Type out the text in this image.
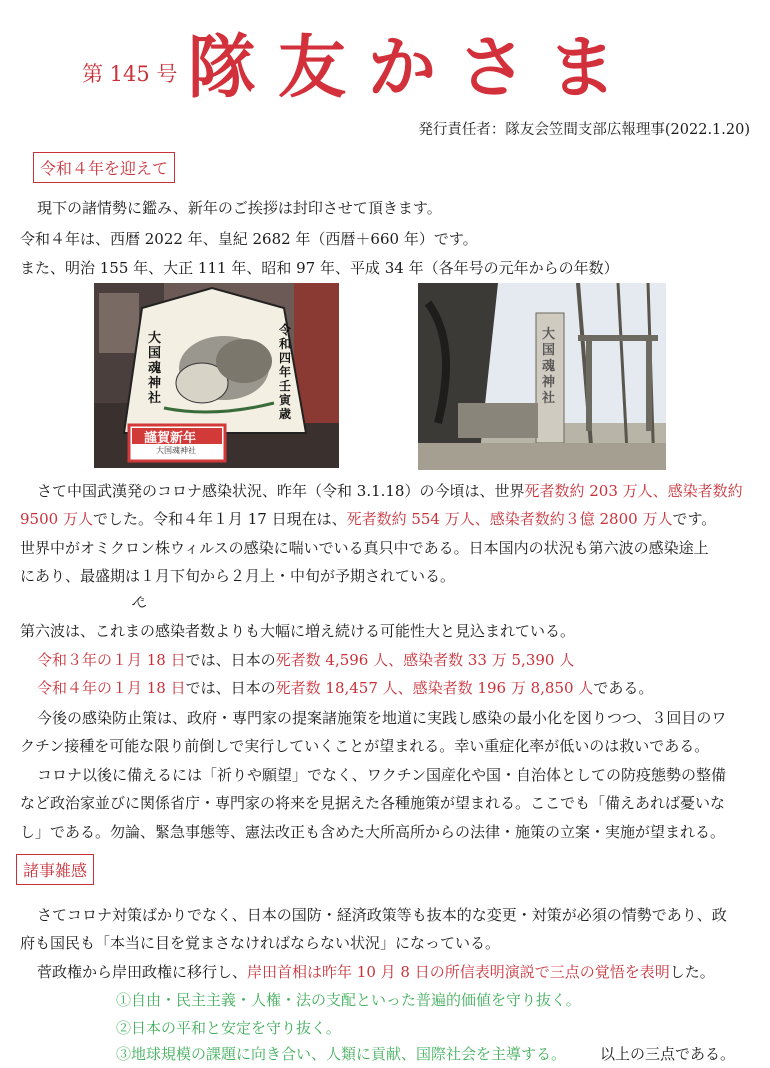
第 145 号 隊友かさま
発行責任者：隊友会笠間支部広報理事(2022.1.20)
令和４年を迎えて
現下の諸情勢に鑑み、新年のご挨拶は封印させて頂きます。
令和４年は、西暦 2022 年、皇紀 2682 年（西暦＋660 年）です。
また、明治 155 年、大正 111 年、昭和 97 年、平成 34 年（各年号の元年からの年数）
令和四年壬寅歳
大国魂神社
謹賀新年
大国魂神社
大国魂神社
さて中国武漢発のコロナ感染状況、昨年（令和 3.1.18）の今頃は、世界死者数約 203 万人、感染者数約
9500 万人でした。令和４年１月 17 日現在は、死者数約 554 万人、感染者数約３億 2800 万人です。
世界中がオミクロン株ウィルスの感染に喘いでいる真只中である。日本国内の状況も第六波の感染途上
にあり、最盛期は１月下旬から２月上・中旬が予期されている。
で
第六波は、これまの感染者数よりも大幅に増え続ける可能性大と見込まれている。
令和３年の１月 18 日では、日本の死者数 4,596 人、感染者数 33 万 5,390 人
令和４年の１月 18 日では、日本の死者数 18,457 人、感染者数 196 万 8,850 人である。
今後の感染防止策は、政府・専門家の提案諸施策を地道に実践し感染の最小化を図りつつ、３回目のワ
クチン接種を可能な限り前倒しで実行していくことが望まれる。幸い重症化率が低いのは救いである。
コロナ以後に備えるには「祈りや願望」でなく、ワクチン国産化や国・自治体としての防疫態勢の整備
など政治家並びに関係省庁・専門家の将来を見据えた各種施策が望まれる。ここでも「備えあれば憂いな
し」である。勿論、緊急事態等、憲法改正も含めた大所高所からの法律・施策の立案・実施が望まれる。
諸事雑感
さてコロナ対策ばかりでなく、日本の国防・経済政策等も抜本的な変更・対策が必須の情勢であり、政
府も国民も「本当に目を覚まさなければならない状況」になっている。
菅政権から岸田政権に移行し、岸田首相は昨年 10 月 8 日の所信表明演説で三点の覚悟を表明した。
①自由・民主主義・人権・法の支配といった普遍的価値を守り抜く。
②日本の平和と安定を守り抜く。
③地球規模の課題に向き合い、人類に貢献、国際社会を主導する。 以上の三点である。
